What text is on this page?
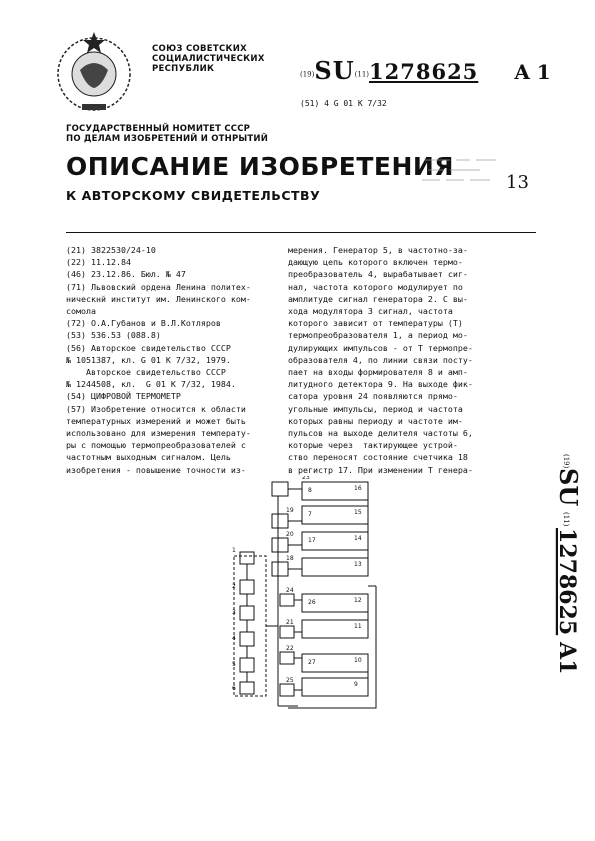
СОЮЗ СОВЕТСКИХ
СОЦИАЛИСТИЧЕСКИХ
РЕСПУБЛИК
(19)SU(11)1278625 A 1
(51) 4 G 01 K 7/32
ГОСУДАРСТВЕННЫЙ НОМИТЕТ СССР
ПО ДЕЛАМ ИЗОБРЕТЕНИЙ И ОТНРЫТИЙ
ОПИСАНИЕ ИЗОБРЕТЕНИЯ
К АВТОРСКОМУ СВИДЕТЕЛЬСТВУ
13
(21) 3822530/24-10
(22) 11.12.84
(46) 23.12.86. Бюл. № 47
(71) Львовский ордена Ленина политех-
ническнй институт им. Ленинского ком-
сомола
(72) О.А.Губанов и В.Л.Котляров
(53) 536.53 (088.8)
(56) Авторское свидетельство СССР
№ 1051387, кл. G 01 K 7/32, 1979.
Авторское свидетельство СССР
№ 1244508, кл.  G 01 K 7/32, 1984.
(54) ЦИФРОВОЙ ТЕРМОМЕТР
(57) Изобретение относится к области
температурных измерений и может быть
использовано для измерения температу-
ры с помощью термопреобразователей с
частотным выходным сигналом. Цель
изобретения - повышение точности из-
мерения. Генератор 5, в частотно-за-
дающую цепь которого включен термо-
преобразователь 4, вырабатывает сиг-
нал, частота которого модулирует по
амплитуде сигнал генератора 2. С вы-
хода модулятора 3 сигнал, частота
которого зависит от температуры (Т)
термопреобразователя 1, а период мо-
дулирующих импульсов - от Т термопре-
образователя 4, по линии связи посту-
пает на входы формирователя 8 и амп-
литудного детектора 9. На выходе фик-
сатора уровня 24 появляются прямо-
угольные импульсы, период и частота
которых равны периоду и частоте им-
пульсов на выходе делителя частоты 6,
которые через  тактирующее устрой-
ство переносят состояние счетчика 18
в регистр 17. При изменении Т генера-
(19)
SU
(11)
1278625
A1
23
19
20
18
1
2
3
4
5
6
16
15
14
13
12
11
10
9
8
7
17
24
21
22
25
26
27
